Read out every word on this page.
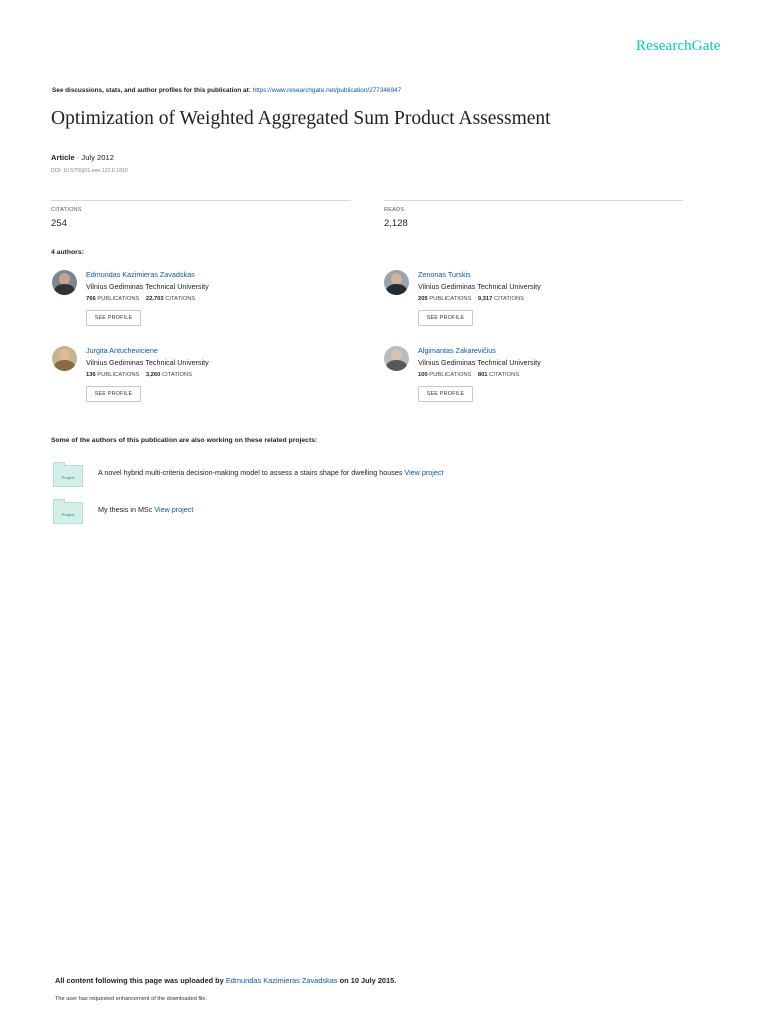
ResearchGate
See discussions, stats, and author profiles for this publication at: https://www.researchgate.net/publication/277346947
Optimization of Weighted Aggregated Sum Product Assessment
Article · July 2012
DOI: 10.5755/j01.eee.122.6.1810
CITATIONS
254
READS
2,128
4 authors:
Edmundas Kazimieras Zavadskas
Vilnius Gediminas Technical University
766 PUBLICATIONS 22,703 CITATIONS
SEE PROFILE
Zenonas Turskis
Vilnius Gediminas Technical University
205 PUBLICATIONS 9,317 CITATIONS
SEE PROFILE
Jurgita Antucheviciene
Vilnius Gediminas Technical University
136 PUBLICATIONS 3,260 CITATIONS
SEE PROFILE
Algimantas Zakarevičius
Vilnius Gediminas Technical University
100 PUBLICATIONS 801 CITATIONS
SEE PROFILE
Some of the authors of this publication are also working on these related projects:
Project
A novel hybrid multi-criteria decision-making model to assess a stairs shape for dwelling houses View project
Project
My thesis in MSc View project
All content following this page was uploaded by Edmundas Kazimieras Zavadskas on 10 July 2015.
The user has requested enhancement of the downloaded file.
